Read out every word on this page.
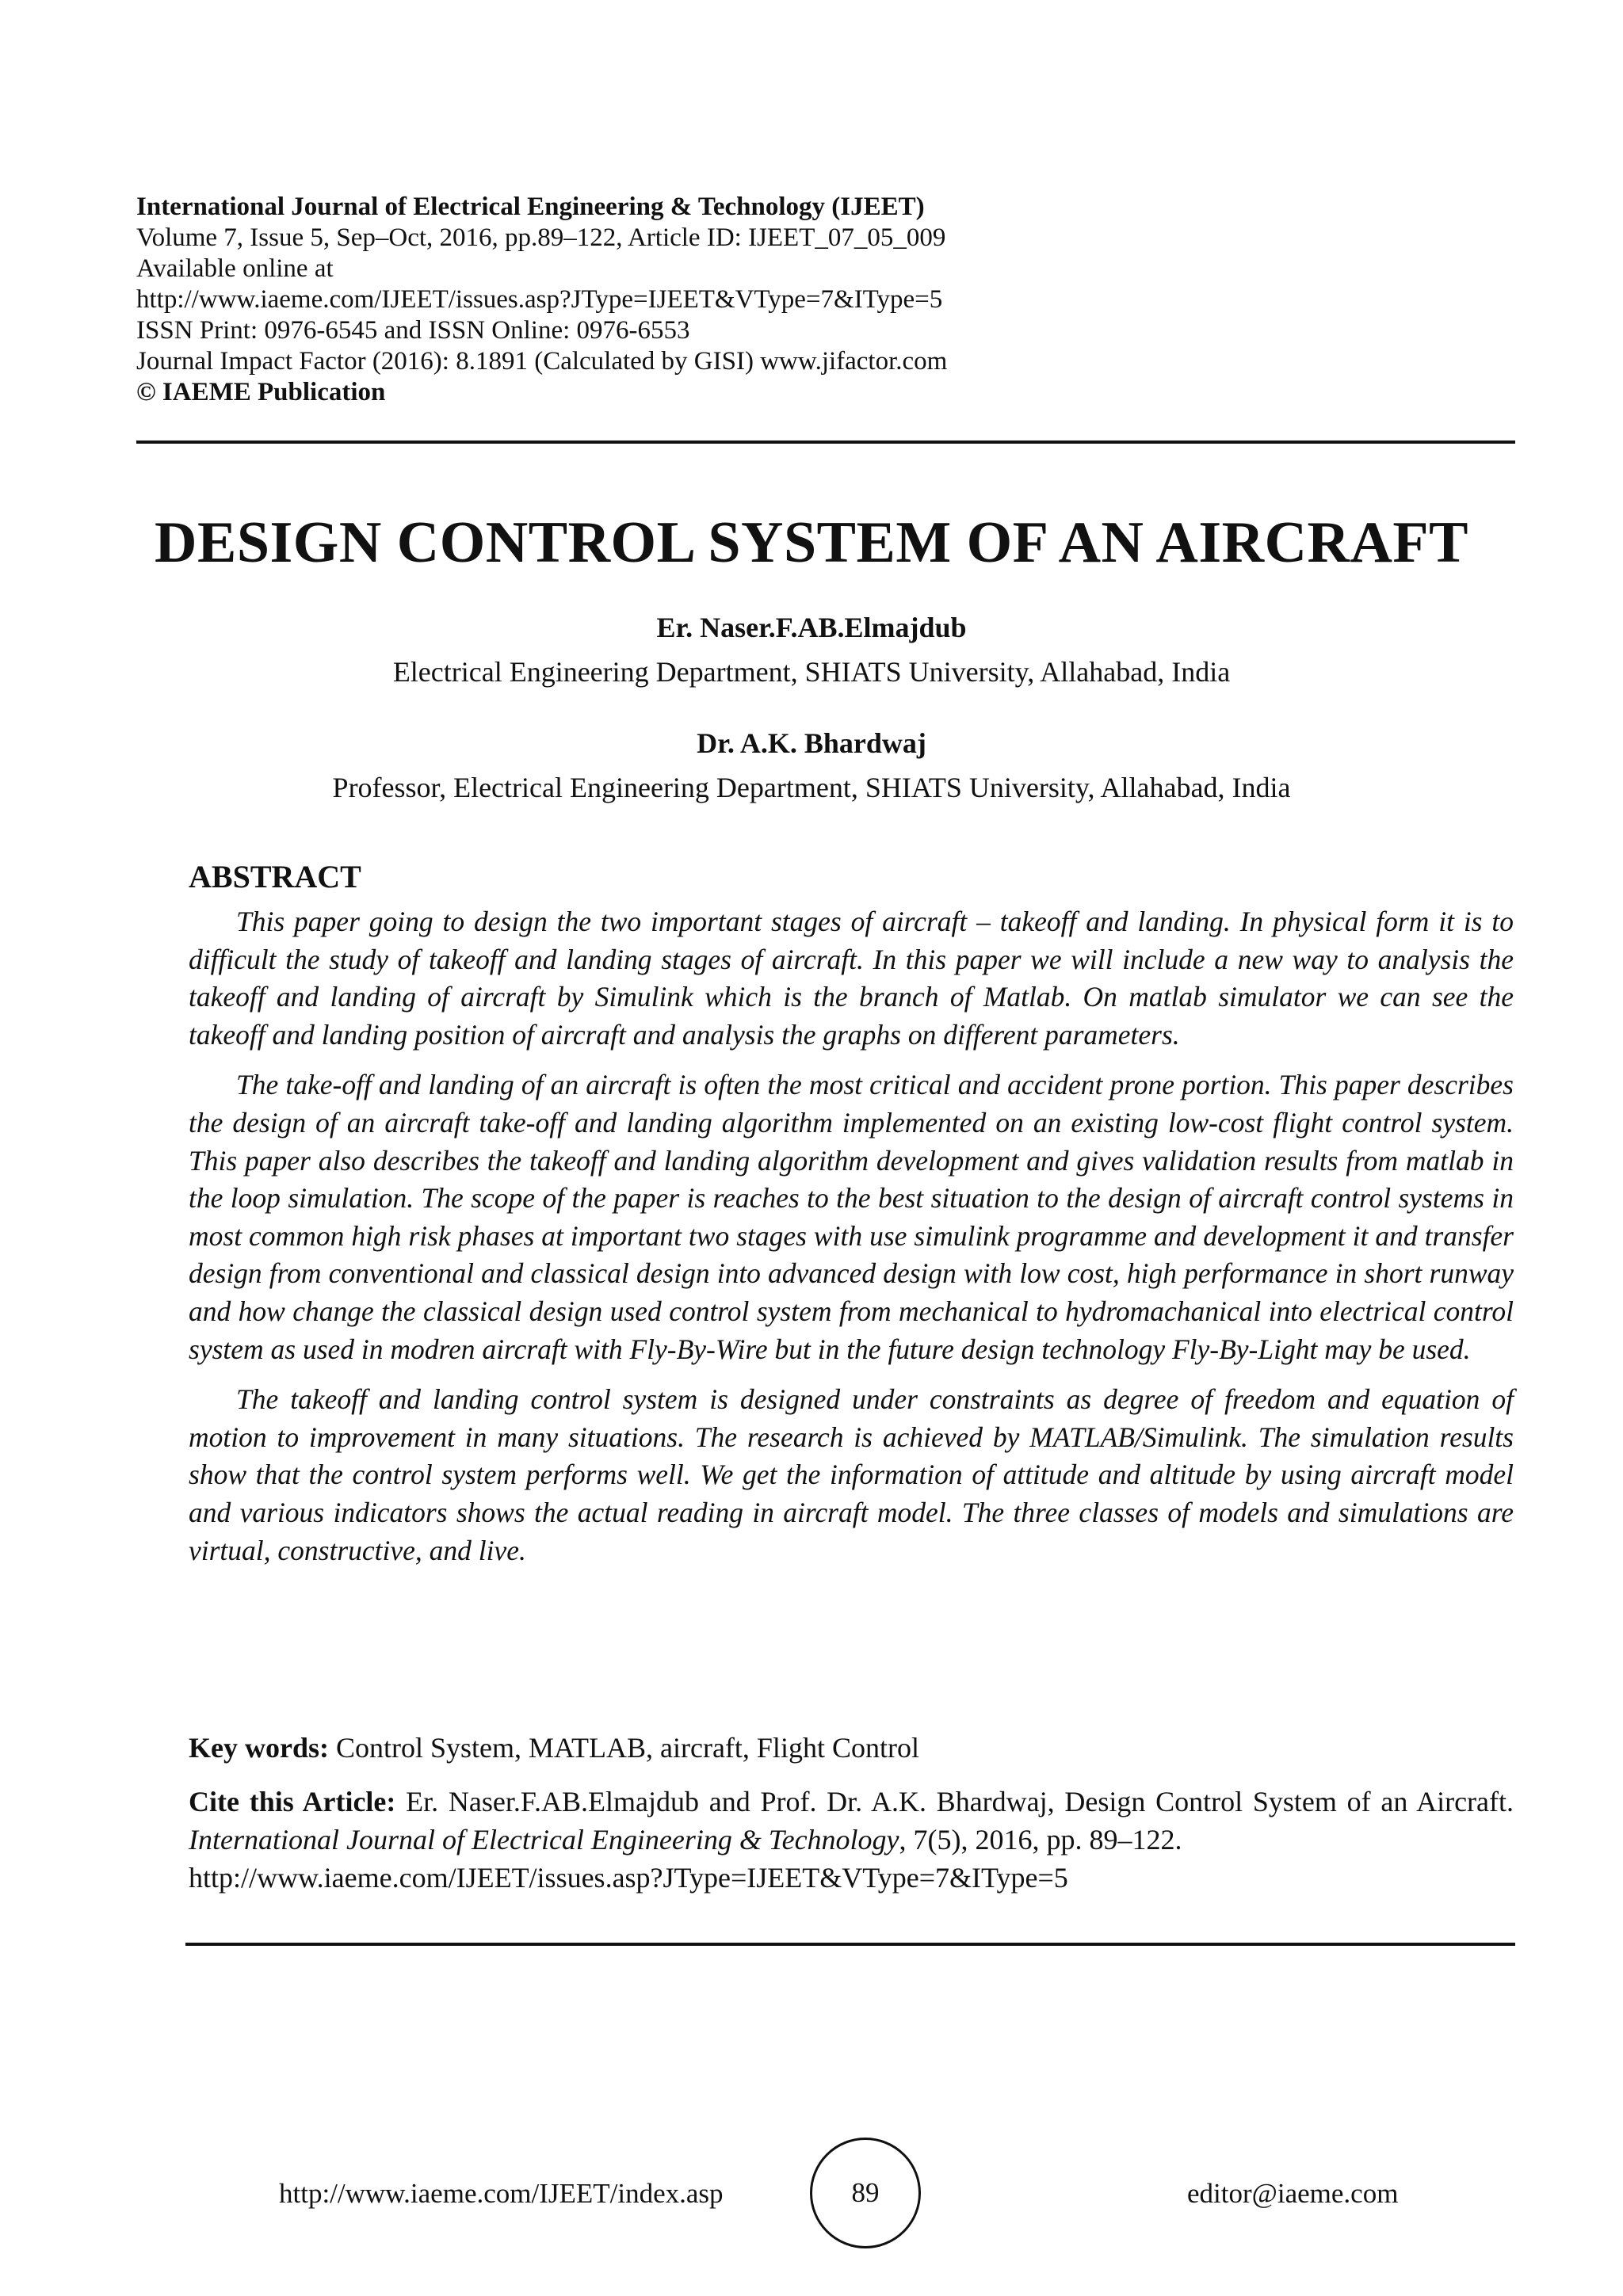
International Journal of Electrical Engineering & Technology (IJEET)
Volume 7, Issue 5, Sep–Oct, 2016, pp.89–122, Article ID: IJEET_07_05_009
Available online at
http://www.iaeme.com/IJEET/issues.asp?JType=IJEET&VType=7&IType=5
ISSN Print: 0976-6545 and ISSN Online: 0976-6553
Journal Impact Factor (2016): 8.1891 (Calculated by GISI) www.jifactor.com
© IAEME Publication
DESIGN CONTROL SYSTEM OF AN AIRCRAFT
Er. Naser.F.AB.Elmajdub
Electrical Engineering Department, SHIATS University, Allahabad, India
Dr. A.K. Bhardwaj
Professor, Electrical Engineering Department, SHIATS University, Allahabad, India
ABSTRACT

This paper going to design the two important stages of aircraft – takeoff and landing. In physical form it is to difficult the study of takeoff and landing stages of aircraft. In this paper we will include a new way to analysis the takeoff and landing of aircraft by Simulink which is the branch of Matlab. On matlab simulator we can see the takeoff and landing position of aircraft and analysis the graphs on different parameters.

The take-off and landing of an aircraft is often the most critical and accident prone portion. This paper describes the design of an aircraft take-off and landing algorithm implemented on an existing low-cost flight control system. This paper also describes the takeoff and landing algorithm development and gives validation results from matlab in the loop simulation. The scope of the paper is reaches to the best situation to the design of aircraft control systems in most common high risk phases at important two stages with use simulink programme and development it and transfer design from conventional and classical design into advanced design with low cost, high performance in short runway and how change the classical design used control system from mechanical to hydromachanical into electrical control system as used in modren aircraft with Fly-By-Wire but in the future design technology Fly-By-Light may be used.

The takeoff and landing control system is designed under constraints as degree of freedom and equation of motion to improvement in many situations. The research is achieved by MATLAB/Simulink. The simulation results show that the control system performs well. We get the information of attitude and altitude by using aircraft model and various indicators shows the actual reading in aircraft model. The three classes of models and simulations are virtual, constructive, and live.

Key words: Control System, MATLAB, aircraft, Flight Control
Cite this Article: Er. Naser.F.AB.Elmajdub and Prof. Dr. A.K. Bhardwaj, Design Control System of an Aircraft. International Journal of Electrical Engineering & Technology, 7(5), 2016, pp. 89–122.
http://www.iaeme.com/IJEET/issues.asp?JType=IJEET&VType=7&IType=5
http://www.iaeme.com/IJEET/index.asp	89	editor@iaeme.com
